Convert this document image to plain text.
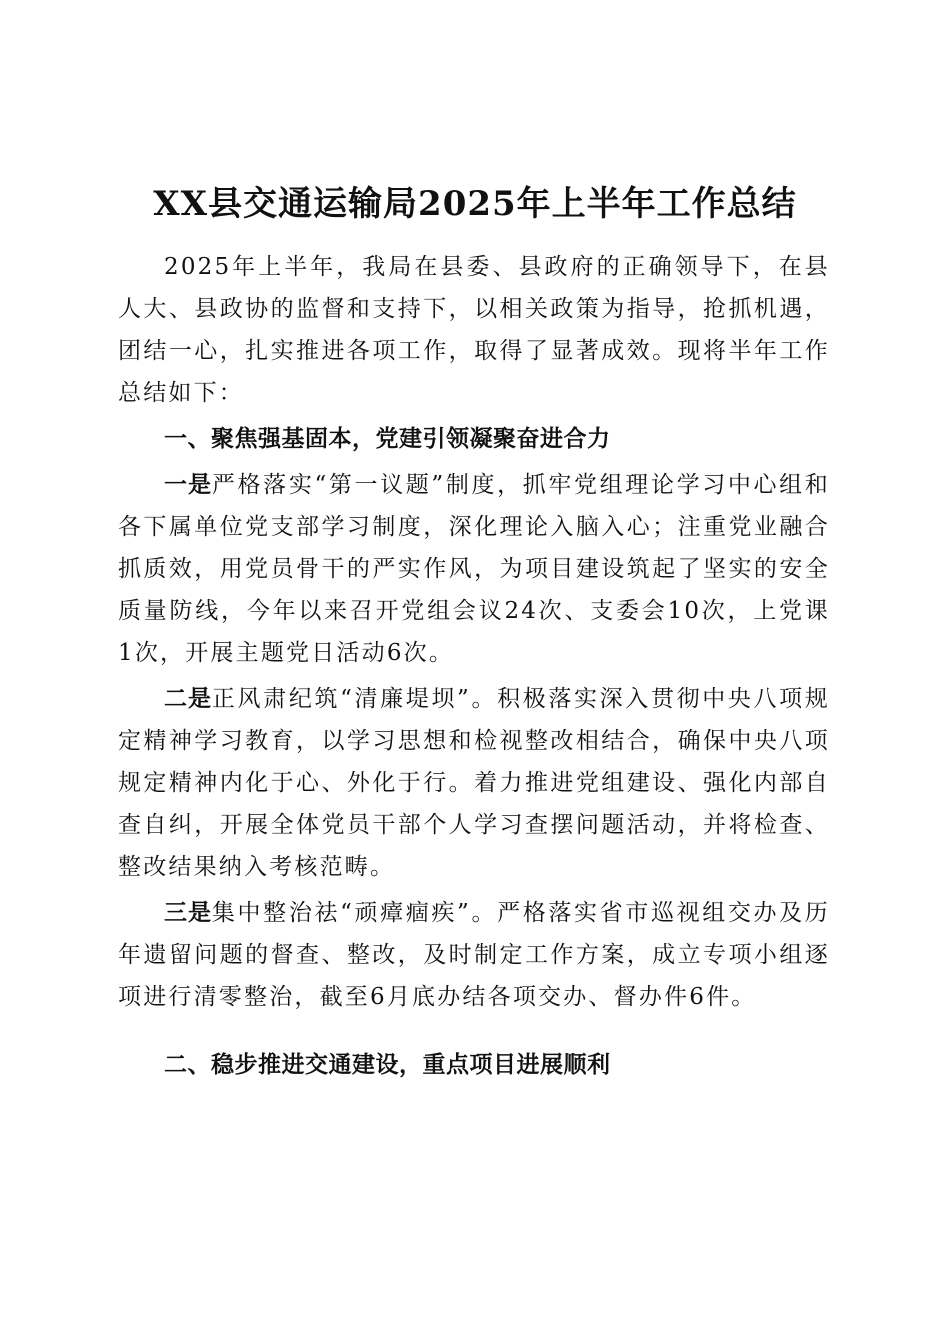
XX县交通运输局2025年上半年工作总结

2025年上半年，我局在县委、县政府的正确领导下，在县人大、县政协的监督和支持下，以相关政策为指导，抢抓机遇，团结一心，扎实推进各项工作，取得了显著成效。现将半年工作总结如下：

一、聚焦强基固本，党建引领凝聚奋进合力

一是严格落实“第一议题”制度，抓牢党组理论学习中心组和各下属单位党支部学习制度，深化理论入脑入心；注重党业融合抓质效，用党员骨干的严实作风，为项目建设筑起了坚实的安全质量防线，今年以来召开党组会议24次、支委会10次，上党课1次，开展主题党日活动6次。

二是正风肃纪筑“清廉堤坝”。积极落实深入贯彻中央八项规定精神学习教育，以学习思想和检视整改相结合，确保中央八项规定精神内化于心、外化于行。着力推进党组建设、强化内部自查自纠，开展全体党员干部个人学习查摆问题活动，并将检查、整改结果纳入考核范畴。

三是集中整治祛“顽瘴痼疾”。严格落实省市巡视组交办及历年遗留问题的督查、整改，及时制定工作方案，成立专项小组逐项进行清零整治，截至6月底办结各项交办、督办件6件。

二、稳步推进交通建设，重点项目进展顺利
